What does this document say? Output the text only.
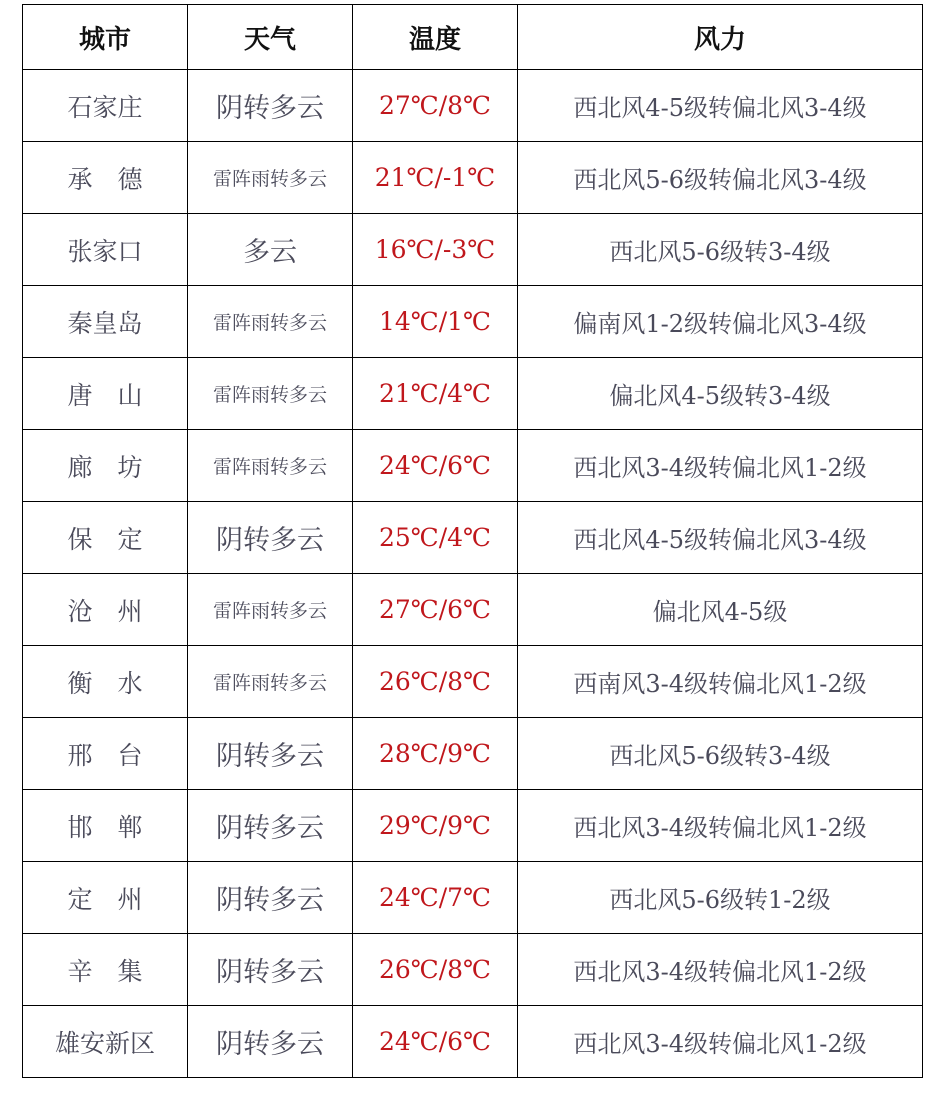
城市	天气	温度	风力
石家庄	阴转多云	27℃/8℃	西北风4-5级转偏北风3-4级
承　德	雷阵雨转多云	21℃/-1℃	西北风5-6级转偏北风3-4级
张家口	多云	16℃/-3℃	西北风5-6级转3-4级
秦皇岛	雷阵雨转多云	14℃/1℃	偏南风1-2级转偏北风3-4级
唐　山	雷阵雨转多云	21℃/4℃	偏北风4-5级转3-4级
廊　坊	雷阵雨转多云	24℃/6℃	西北风3-4级转偏北风1-2级
保　定	阴转多云	25℃/4℃	西北风4-5级转偏北风3-4级
沧　州	雷阵雨转多云	27℃/6℃	偏北风4-5级
衡　水	雷阵雨转多云	26℃/8℃	西南风3-4级转偏北风1-2级
邢　台	阴转多云	28℃/9℃	西北风5-6级转3-4级
邯　郸	阴转多云	29℃/9℃	西北风3-4级转偏北风1-2级
定　州	阴转多云	24℃/7℃	西北风5-6级转1-2级
辛　集	阴转多云	26℃/8℃	西北风3-4级转偏北风1-2级
雄安新区	阴转多云	24℃/6℃	西北风3-4级转偏北风1-2级
